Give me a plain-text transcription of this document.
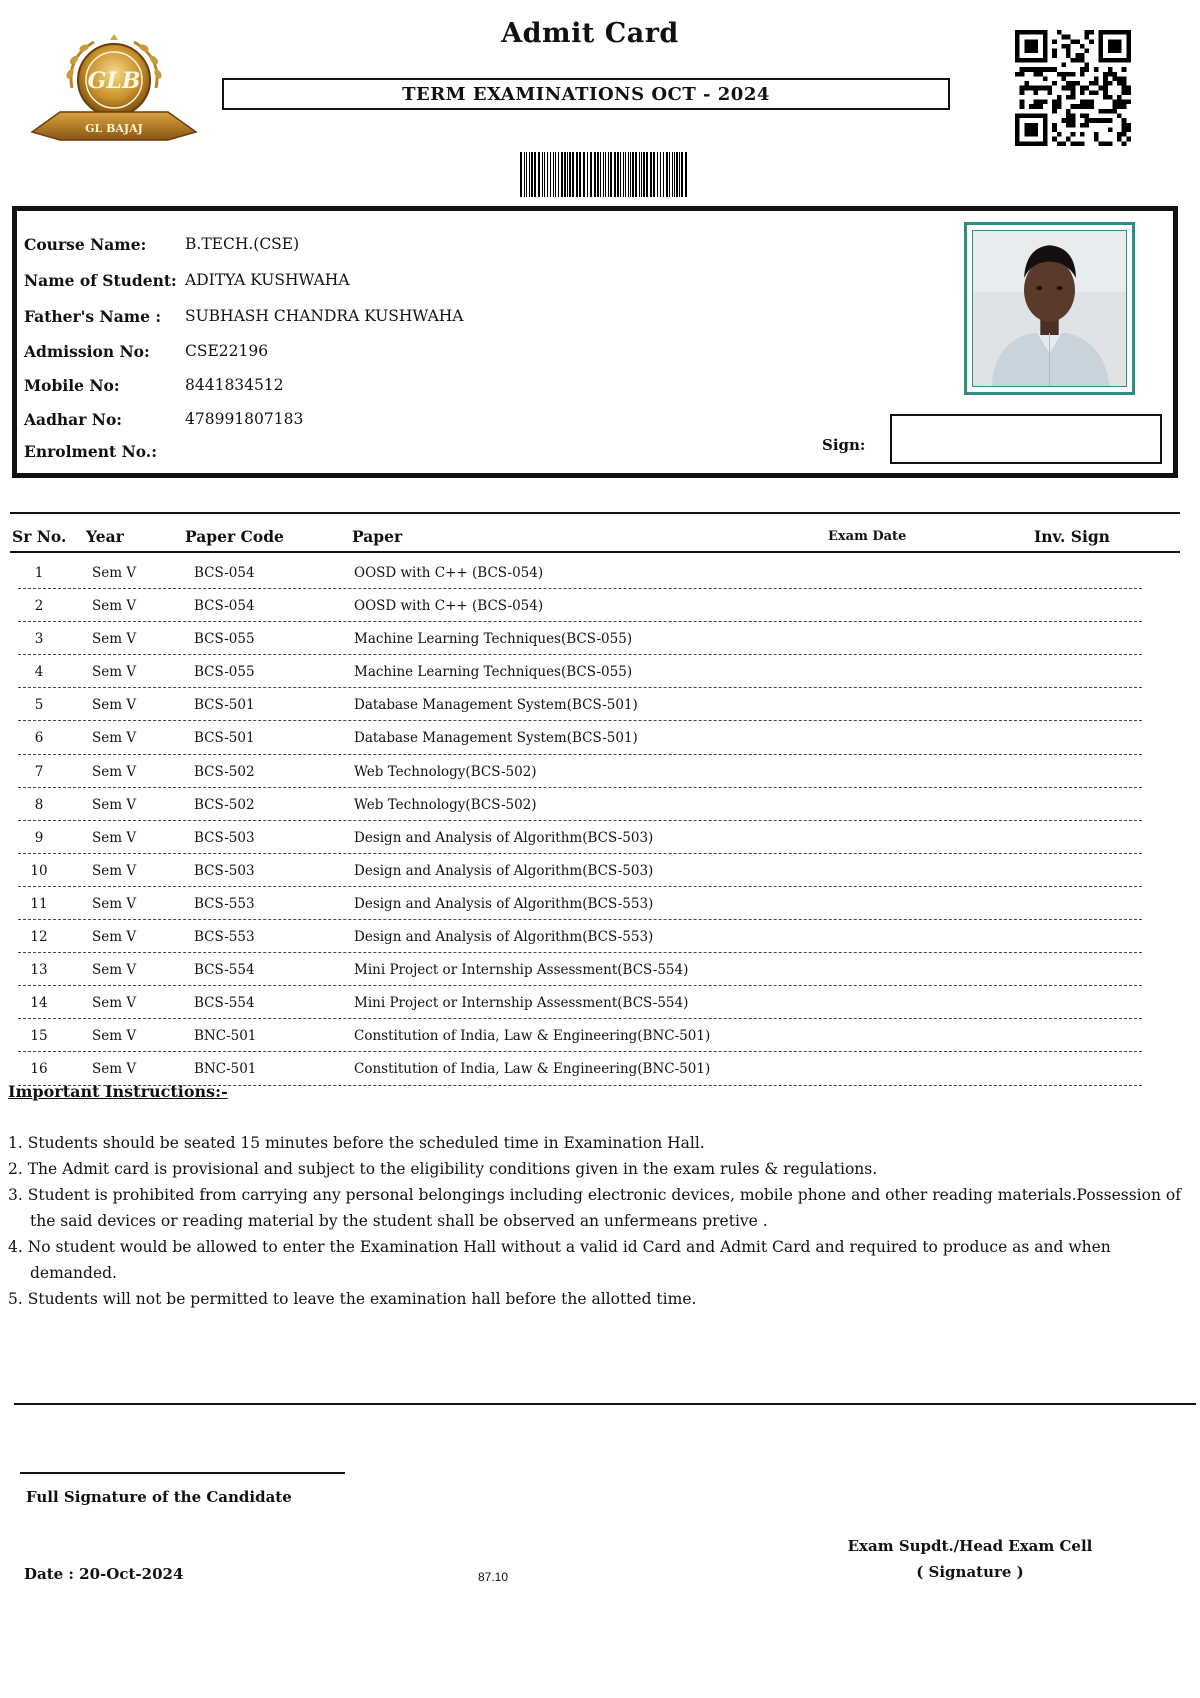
GLB
GL BAJAJ
Admit Card
TERM EXAMINATIONS OCT - 2024
Course Name: B.TECH.(CSE)
Name of Student: ADITYA KUSHWAHA
Father's Name : SUBHASH CHANDRA KUSHWAHA
Admission No: CSE22196
Mobile No:	8441834512
Aadhar No:	478991807183
Enrolment No.:	Sign:
Sr No. Year	Paper Code	Paper	Exam Date	Inv. Sign
1	Sem V	BCS-054	OOSD with C++ (BCS-054)
2	Sem V	BCS-054	OOSD with C++ (BCS-054)
3	Sem V	BCS-055	Machine Learning Techniques(BCS-055)
4	Sem V	BCS-055	Machine Learning Techniques(BCS-055)
5	Sem V	BCS-501	Database Management System(BCS-501)
6	Sem V	BCS-501	Database Management System(BCS-501)
7	Sem V	BCS-502	Web Technology(BCS-502)
8	Sem V	BCS-502	Web Technology(BCS-502)
9	Sem V	BCS-503	Design and Analysis of Algorithm(BCS-503)
10	Sem V	BCS-503	Design and Analysis of Algorithm(BCS-503)
11	Sem V	BCS-553	Design and Analysis of Algorithm(BCS-553)
12	Sem V	BCS-553	Design and Analysis of Algorithm(BCS-553)
13	Sem V	BCS-554	Mini Project or Internship Assessment(BCS-554)
14	Sem V	BCS-554	Mini Project or Internship Assessment(BCS-554)
15	Sem V	BNC-501	Constitution of India, Law & Engineering(BNC-501)
16	Sem V	BNC-501	Constitution of India, Law & Engineering(BNC-501)
Important Instructions:-
1. Students should be seated 15 minutes before the scheduled time in Examination Hall.
2. The Admit card is provisional and subject to the eligibility conditions given in the exam rules & regulations.
3. Student is prohibited from carrying any personal belongings including electronic devices, mobile phone and other reading materials.Possession of the said devices or reading material by the student shall be observed an unfermeans pretive .
4. No student would be allowed to enter the Examination Hall without a valid id Card and Admit Card and required to produce as and when demanded.
5. Students will not be permitted to leave the examination hall before the allotted time.
Full Signature of the Candidate
Date : 20-Oct-2024	87.10
Exam Supdt./Head Exam Cell
( Signature )
